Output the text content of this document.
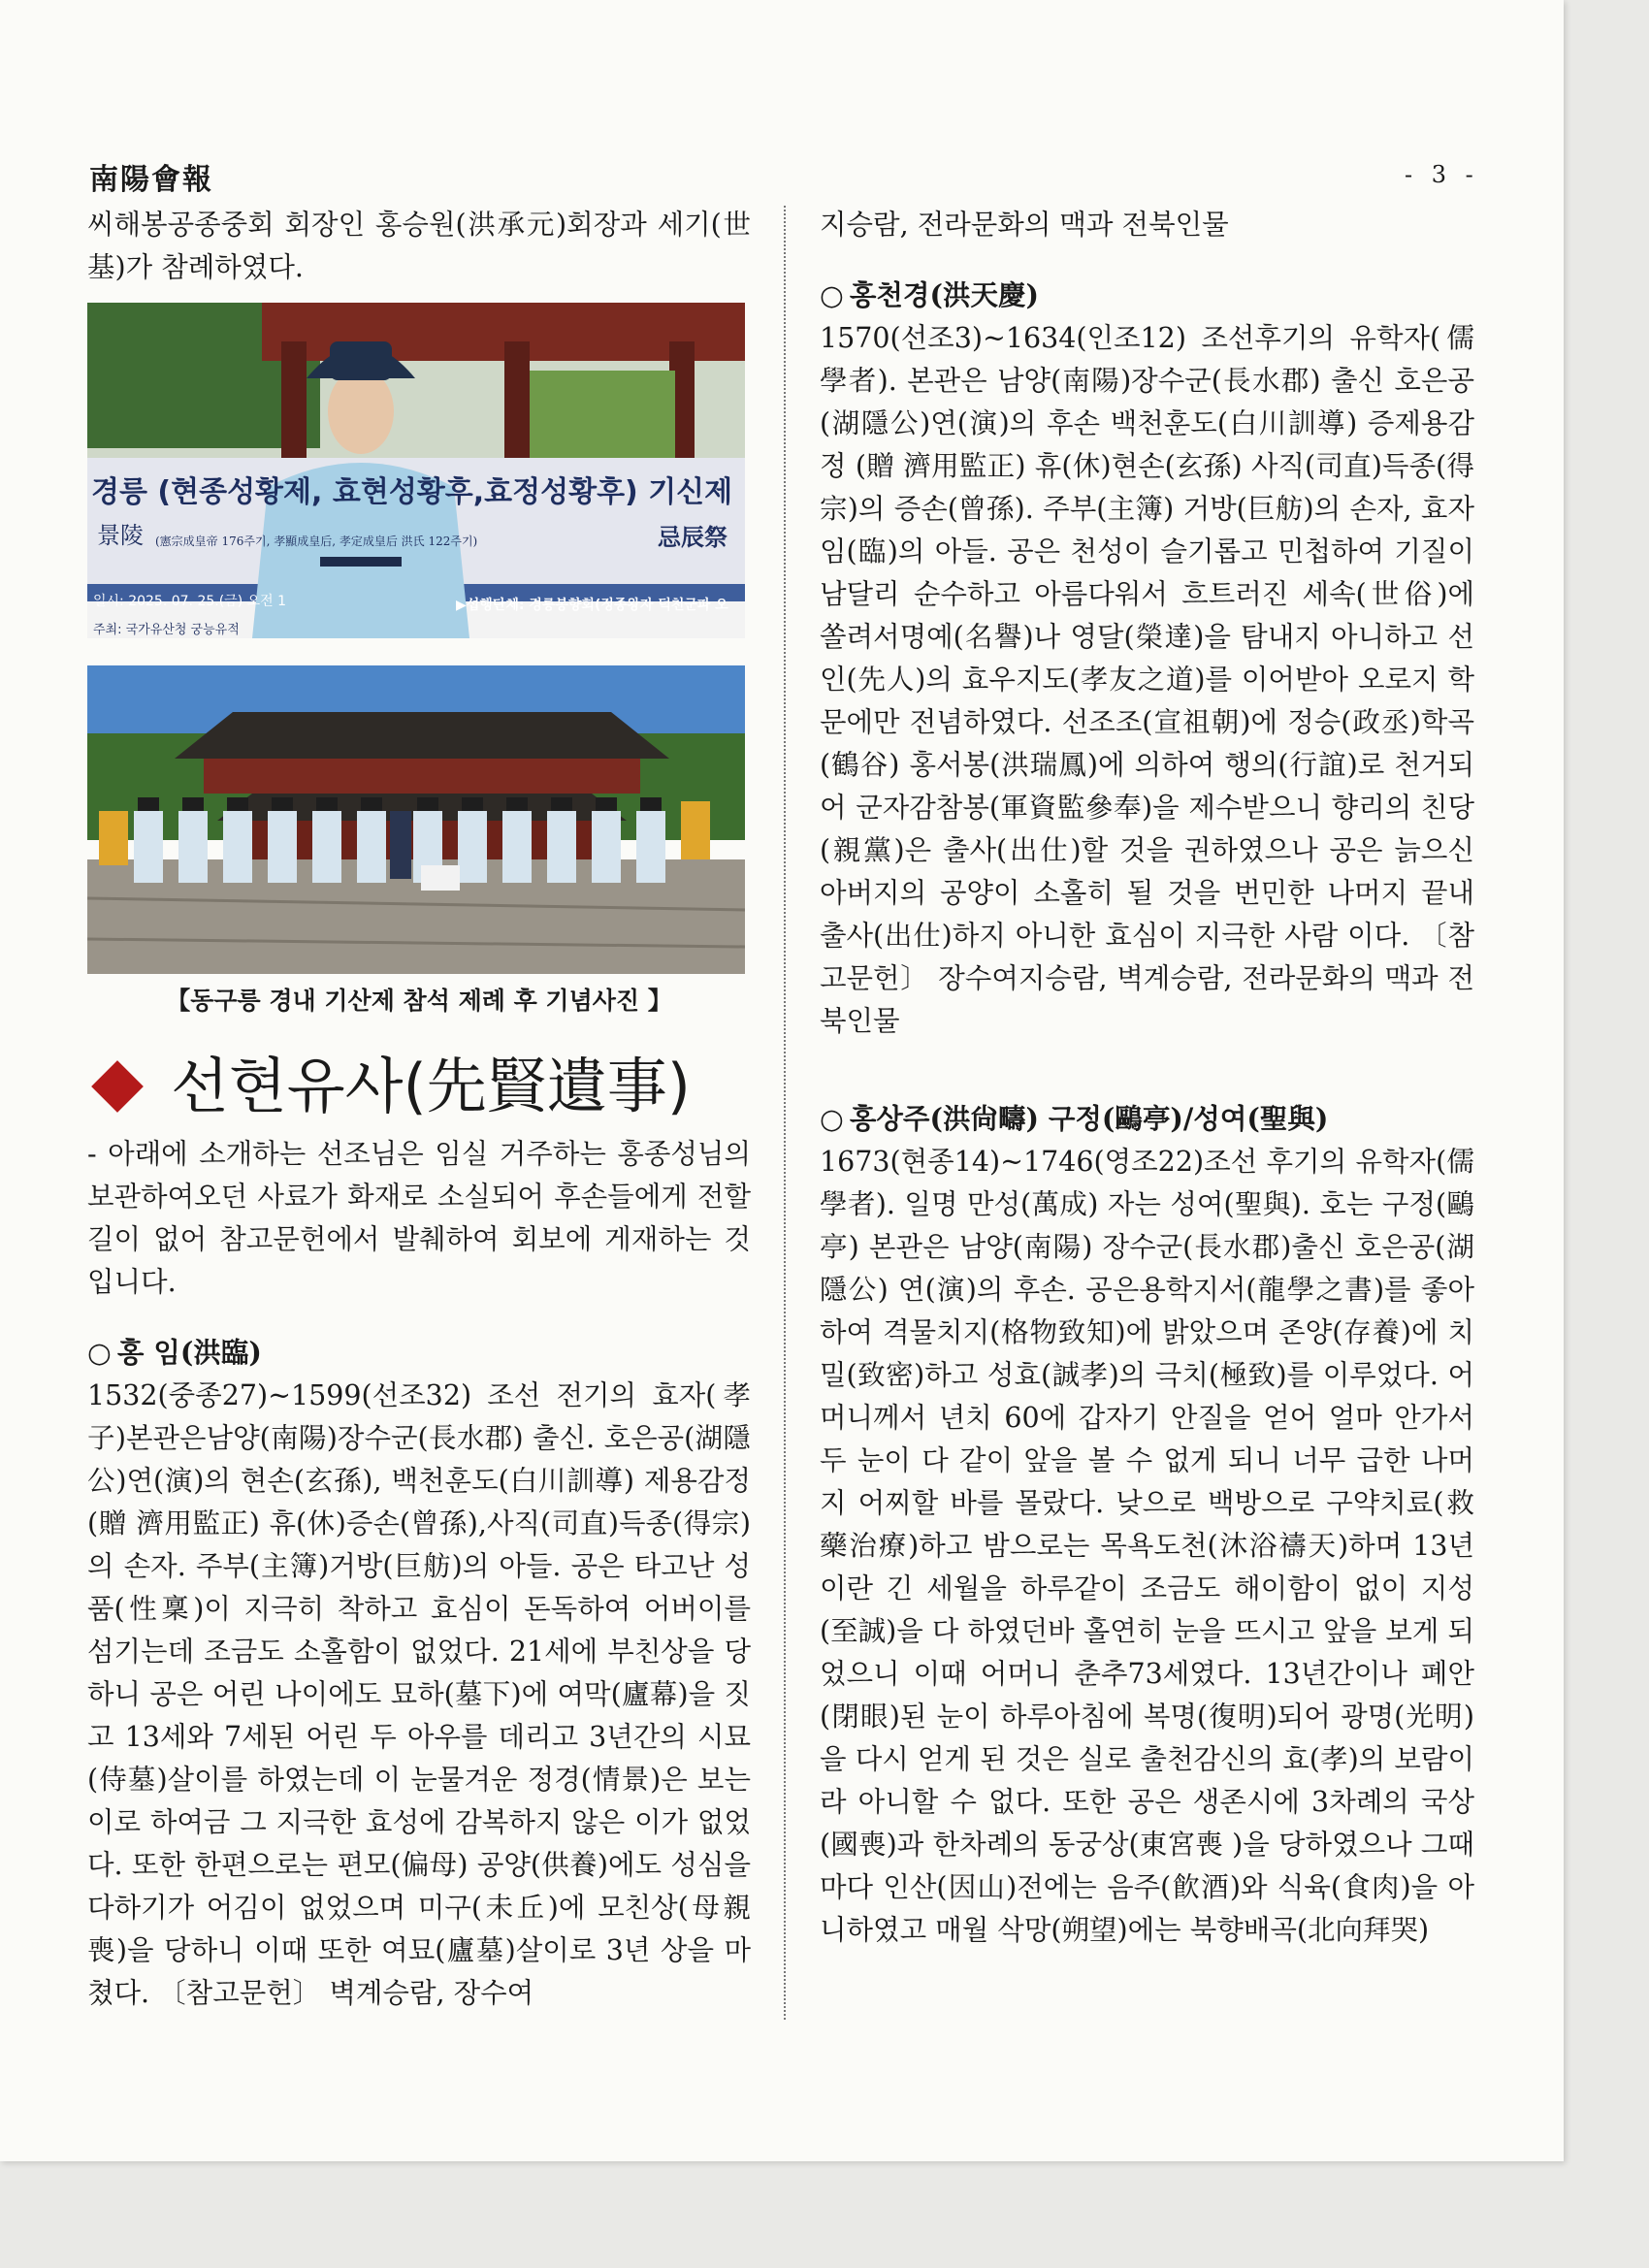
南陽會報	- 3 -

씨해봉공종중회 회장인 홍승원(洪承元)회장과 세기(世基)가 참례하였다.

경릉 (현종성황제, 효현성황후,효정성황후) 기신제
景陵 (憲宗成皇帝 176주기, 孝顯成皇后, 孝定成皇后 洪氏 122주기)	忌辰祭
일시: 2025. 07. 25.(금) 오전 1	▶섭행단체: 경릉봉향회(정종왕자 덕천군파 오
주최: 국가유산청 궁능유적

【동구릉 경내 기산제 참석 제례 후 기념사진 】

선현유사(先賢遺事)

- 아래에 소개하는 선조님은 임실 거주하는 홍종성님의 보관하여오던 사료가 화재로 소실되어 후손들에게 전할 길이 없어 참고문헌에서 발췌하여 회보에 게재하는 것입니다.

○ 홍 임(洪臨)

1532(중종27)~1599(선조32) 조선 전기의 효자(孝子)본관은남양(南陽)장수군(長水郡) 출신. 호은공(湖隱公)연(演)의 현손(玄孫), 백천훈도(白川訓導) 제용감정(贈 濟用監正) 휴(休)증손(曾孫),사직(司直)득종(得宗)의 손자. 주부(主簿)거방(巨舫)의 아들. 공은 타고난 성품(性稟)이 지극히 착하고 효심이 돈독하여 어버이를 섬기는데 조금도 소홀함이 없었다. 21세에 부친상을 당하니 공은 어린 나이에도 묘하(墓下)에 여막(廬幕)을 짓고 13세와 7세된 어린 두 아우를 데리고 3년간의 시묘(侍墓)살이를 하였는데 이 눈물겨운 정경(情景)은 보는이로 하여금 그 지극한 효성에 감복하지 않은 이가 없었다. 또한 한편으로는 편모(偏母) 공양(供養)에도 성심을 다하기가 어김이 없었으며 미구(未丘)에 모친상(母親喪)을 당하니 이때 또한 여묘(廬墓)살이로 3년 상을 마쳤다. 〔참고문헌〕 벽계승람, 장수여

지승람, 전라문화의 맥과 전북인물

○ 홍천경(洪天慶)

1570(선조3)~1634(인조12) 조선후기의 유학자(儒學者). 본관은 남양(南陽)장수군(長水郡) 출신 호은공(湖隱公)연(演)의 후손 백천훈도(白川訓導) 증제용감정 (贈 濟用監正) 휴(休)현손(玄孫) 사직(司直)득종(得宗)의 증손(曾孫). 주부(主簿) 거방(巨舫)의 손자, 효자 임(臨)의 아들. 공은 천성이 슬기롭고 민첩하여 기질이 남달리 순수하고 아름다워서 흐트러진 세속(世俗)에 쏠려서명예(名譽)나 영달(榮達)을 탐내지 아니하고 선인(先人)의 효우지도(孝友之道)를 이어받아 오로지 학문에만 전념하였다. 선조조(宣祖朝)에 정승(政丞)학곡(鶴谷) 홍서봉(洪瑞鳳)에 의하여 행의(行誼)로 천거되어 군자감참봉(軍資監參奉)을 제수받으니 향리의 친당(親黨)은 출사(出仕)할 것을 권하였으나 공은 늙으신 아버지의 공양이 소홀히 될 것을 번민한 나머지 끝내 출사(出仕)하지 아니한 효심이 지극한 사람 이다. 〔참고문헌〕 장수여지승람, 벽계승람, 전라문화의 맥과 전북인물

○ 홍상주(洪尙疇) 구정(鷗亭)/성여(聖與)

1673(현종14)~1746(영조22)조선 후기의 유학자(儒學者). 일명 만성(萬成) 자는 성여(聖與). 호는 구정(鷗亭) 본관은 남양(南陽) 장수군(長水郡)출신 호은공(湖隱公) 연(演)의 후손. 공은용학지서(龍學之書)를 좋아하여 격물치지(格物致知)에 밝았으며 존양(存養)에 치밀(致密)하고 성효(誠孝)의 극치(極致)를 이루었다. 어머니께서 년치 60에 갑자기 안질을 얻어 얼마 안가서 두 눈이 다 같이 앞을 볼 수 없게 되니 너무 급한 나머지 어찌할 바를 몰랐다. 낮으로 백방으로 구약치료(救藥治療)하고 밤으로는 목욕도천(沐浴禱天)하며 13년이란 긴 세월을 하루같이 조금도 해이함이 없이 지성(至誠)을 다 하였던바 홀연히 눈을 뜨시고 앞을 보게 되었으니 이때 어머니 춘추73세였다. 13년간이나 폐안(閉眼)된 눈이 하루아침에 복명(復明)되어 광명(光明)을 다시 얻게 된 것은 실로 출천감신의 효(孝)의 보람이라 아니할 수 없다. 또한 공은 생존시에 3차례의 국상(國喪)과 한차례의 동궁상(東宮喪 )을 당하였으나 그때마다 인산(因山)전에는 음주(飮酒)와 식육(食肉)을 아니하였고 매월 삭망(朔望)에는 북향배곡(北向拜哭)
